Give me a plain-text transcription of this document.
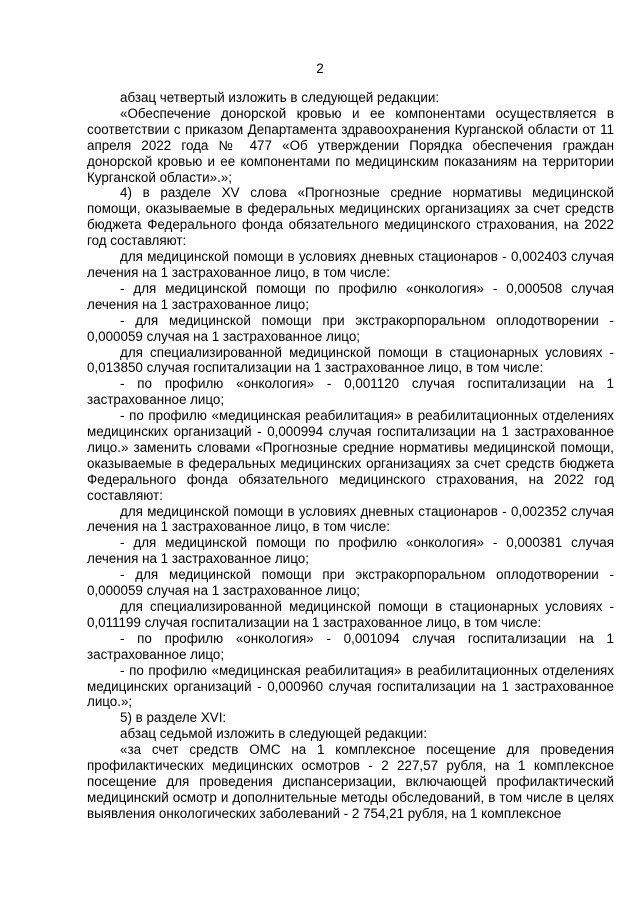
2

абзац четвертый изложить в следующей редакции:

«Обеспечение донорской кровью и ее компонентами осуществляется в соответствии с приказом Департамента здравоохранения Курганской области от 11 апреля 2022 года № 477 «Об утверждении Порядка обеспечения граждан донорской кровью и ее компонентами по медицинским показаниям на территории Курганской области».»;

4) в разделе XV слова «Прогнозные средние нормативы медицинской помощи, оказываемые в федеральных медицинских организациях за счет средств бюджета Федерального фонда обязательного медицинского страхования, на 2022 год составляют:

для медицинской помощи в условиях дневных стационаров - 0,002403 случая лечения на 1 застрахованное лицо, в том числе:

- для медицинской помощи по профилю «онкология» - 0,000508 случая лечения на 1 застрахованное лицо;

- для медицинской помощи при экстракорпоральном оплодотворении - 0,000059 случая на 1 застрахованное лицо;

для специализированной медицинской помощи в стационарных условиях - 0,013850 случая госпитализации на 1 застрахованное лицо, в том числе:

- по профилю «онкология» - 0,001120 случая госпитализации на 1 застрахованное лицо;

- по профилю «медицинская реабилитация» в реабилитационных отделениях медицинских организаций - 0,000994 случая госпитализации на 1 застрахованное лицо.» заменить словами «Прогнозные средние нормативы медицинской помощи, оказываемые в федеральных медицинских организациях за счет средств бюджета Федерального фонда обязательного медицинского страхования, на 2022 год составляют:

для медицинской помощи в условиях дневных стационаров - 0,002352 случая лечения на 1 застрахованное лицо, в том числе:

- для медицинской помощи по профилю «онкология» - 0,000381 случая лечения на 1 застрахованное лицо;

- для медицинской помощи при экстракорпоральном оплодотворении - 0,000059 случая на 1 застрахованное лицо;

для специализированной медицинской помощи в стационарных условиях - 0,011199 случая госпитализации на 1 застрахованное лицо, в том числе:

- по профилю «онкология» - 0,001094 случая госпитализации на 1 застрахованное лицо;

- по профилю «медицинская реабилитация» в реабилитационных отделениях медицинских организаций - 0,000960 случая госпитализации на 1 застрахованное лицо.»;

5) в разделе XVI:

абзац седьмой изложить в следующей редакции:

«за счет средств ОМС на 1 комплексное посещение для проведения профилактических медицинских осмотров - 2 227,57 рубля, на 1 комплексное посещение для проведения диспансеризации, включающей профилактический медицинский осмотр и дополнительные методы обследований, в том числе в целях выявления онкологических заболеваний - 2 754,21 рубля, на 1 комплексное
